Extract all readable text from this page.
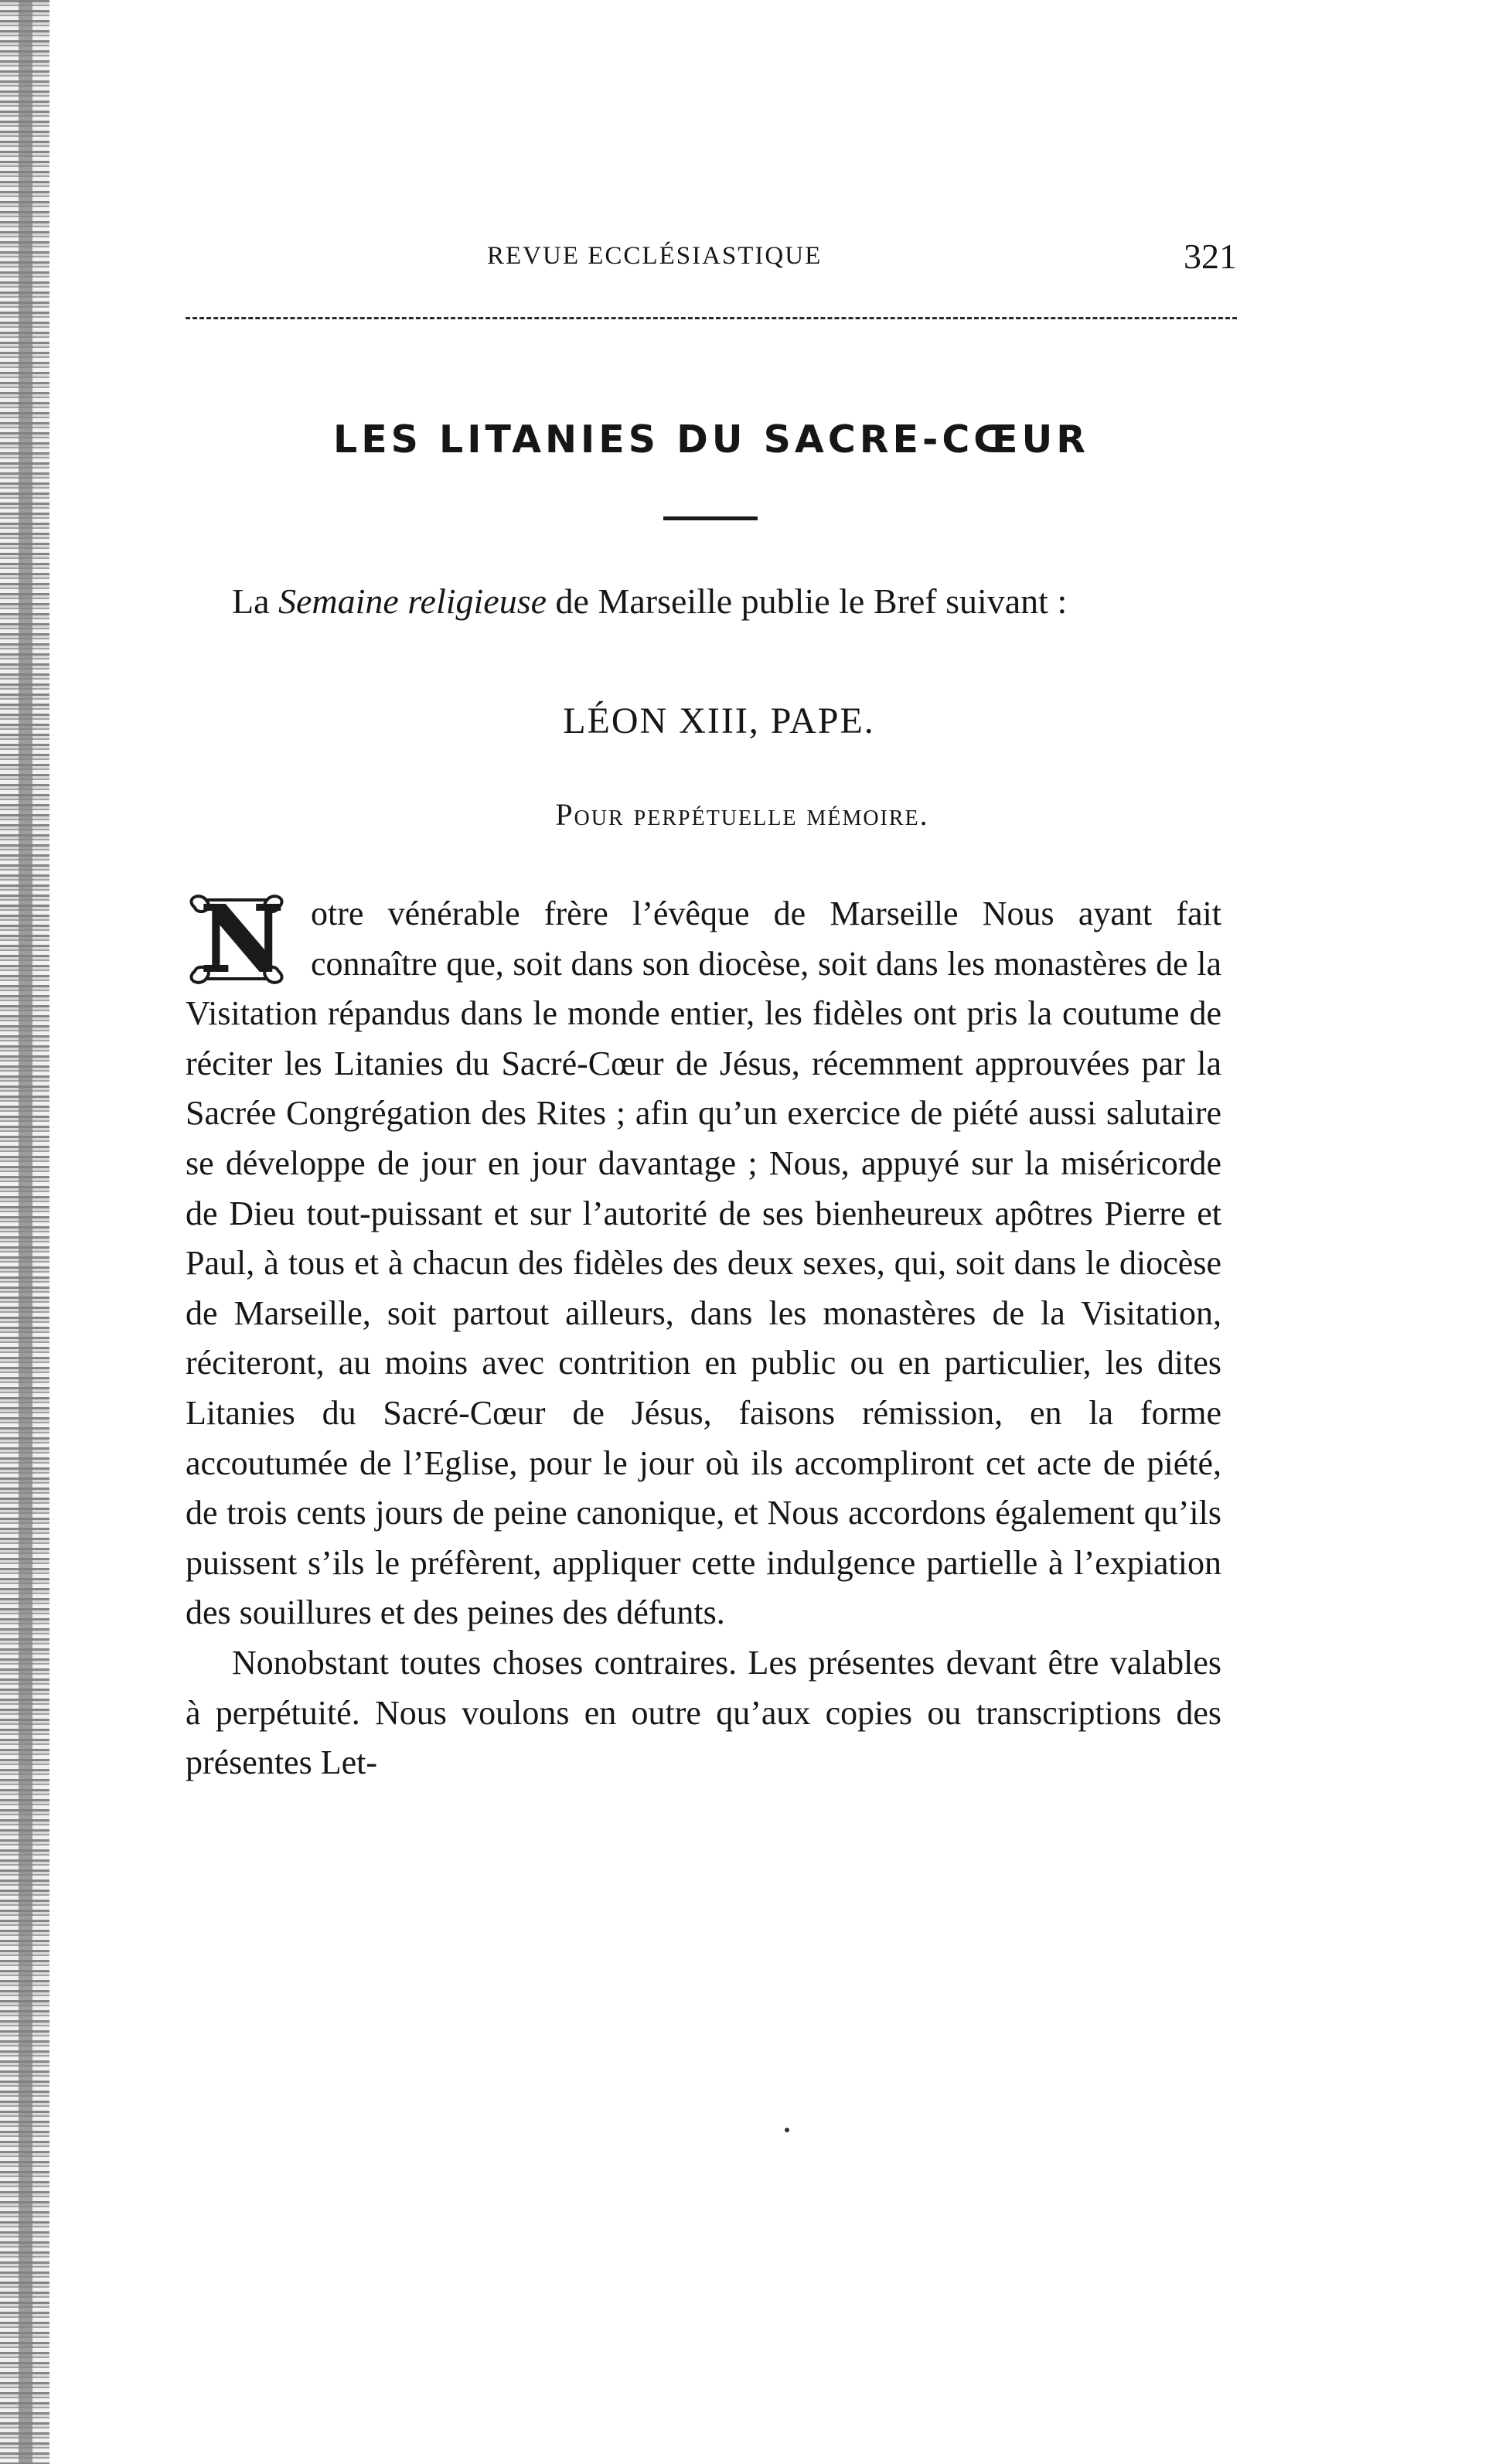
REVUE ECCLÉSIASTIQUE	321
LES LITANIES DU SACRE-CŒUR

La Semaine religieuse de Marseille publie le Bref suivant :

LÉON XIII, PAPE.
Pour perpétuelle mémoire.

N otre vénérable frère l’évêque de Marseille Nous ayant fait connaître que, soit dans son diocèse, soit dans les monastères de la Visitation répandus dans le monde entier, les fidèles ont pris la coutume de réciter les Litanies du Sacré-Cœur de Jésus, récemment approuvées par la Sacrée Congrégation des Rites ; afin qu’un exercice de piété aussi salutaire se développe de jour en jour davantage ; Nous, appuyé sur la miséricorde de Dieu tout-puissant et sur l’autorité de ses bienheureux apôtres Pierre et Paul, à tous et à chacun des fidèles des deux sexes, qui, soit dans le diocèse de Marseille, soit partout ailleurs, dans les monastères de la Visitation, réciteront, au moins avec contrition en public ou en particulier, les dites Litanies du Sacré-Cœur de Jésus, faisons rémission, en la forme accoutumée de l’Eglise, pour le jour où ils accompliront cet acte de piété, de trois cents jours de peine canonique, et Nous accordons également qu’ils puissent s’ils le préfèrent, appliquer cette indulgence partielle à l’expiation des souillures et des peines des défunts.

Nonobstant toutes choses contraires. Les présentes devant être valables à perpétuité. Nous voulons en outre qu’aux copies ou transcriptions des présentes Let-
